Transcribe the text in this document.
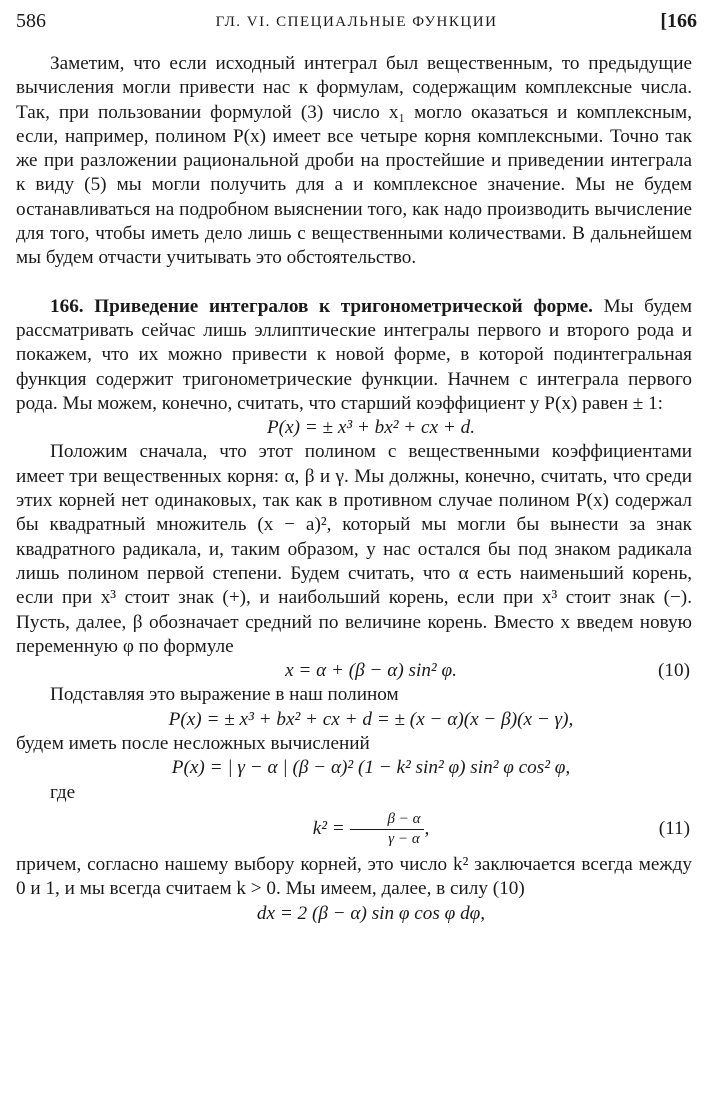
586	ГЛ. VI. СПЕЦИАЛЬНЫЕ ФУНКЦИИ	[166

Заметим, что если исходный интеграл был вещественным, то предыдущие вычисления могли привести нас к формулам, содержащим комплексные числа. Так, при пользовании формулой (3) число x₁ могло оказаться и комплексным, если, например, полином P(x) имеет все четыре корня комплексными. Точно так же при разложении рациональной дроби на простейшие и приведении интеграла к виду (5) мы могли получить для a и комплексное значение. Мы не будем останавливаться на подробном выяснении того, как надо производить вычисление для того, чтобы иметь дело лишь с вещественными количествами. В дальнейшем мы будем отчасти учитывать это обстоятельство.

166. Приведение интегралов к тригонометрической форме. Мы будем рассматривать сейчас лишь эллиптические интегралы первого и второго рода и покажем, что их можно привести к новой форме, в которой подинтегральная функция содержит тригонометрические функции. Начнем с интеграла первого рода. Мы можем, конечно, считать, что старший коэффициент у P(x) равен ± 1:

P(x) = ± x³ + bx² + cx + d.

Положим сначала, что этот полином с вещественными коэффициентами имеет три вещественных корня: α, β и γ. Мы должны, конечно, считать, что среди этих корней нет одинаковых, так как в противном случае полином P(x) содержал бы квадратный множитель (x − a)², который мы могли бы вынести за знак квадратного радикала, и, таким образом, у нас остался бы под знаком радикала лишь полином первой степени. Будем считать, что α есть наименьший корень, если при x³ стоит знак (+), и наибольший корень, если при x³ стоит знак (−). Пусть, далее, β обозначает средний по величине корень. Вместо x введем новую переменную φ по формуле

x = α + (β − α) sin² φ.	(10)

Подставляя это выражение в наш полином

P(x) = ± x³ + bx² + cx + d = ± (x − α)(x − β)(x − γ),

будем иметь после несложных вычислений

P(x) = | γ − α | (β − α)² (1 − k² sin² φ) sin² φ cos² φ,

где

$k^2 = \frac{\beta - \alpha}{\gamma - \alpha}$ ,	(11)

причем, согласно нашему выбору корней, это число k² заключается всегда между 0 и 1, и мы всегда считаем k > 0. Мы имеем, далее, в силу (10)

dx = 2 (β − α) sin φ cos φ dφ,
